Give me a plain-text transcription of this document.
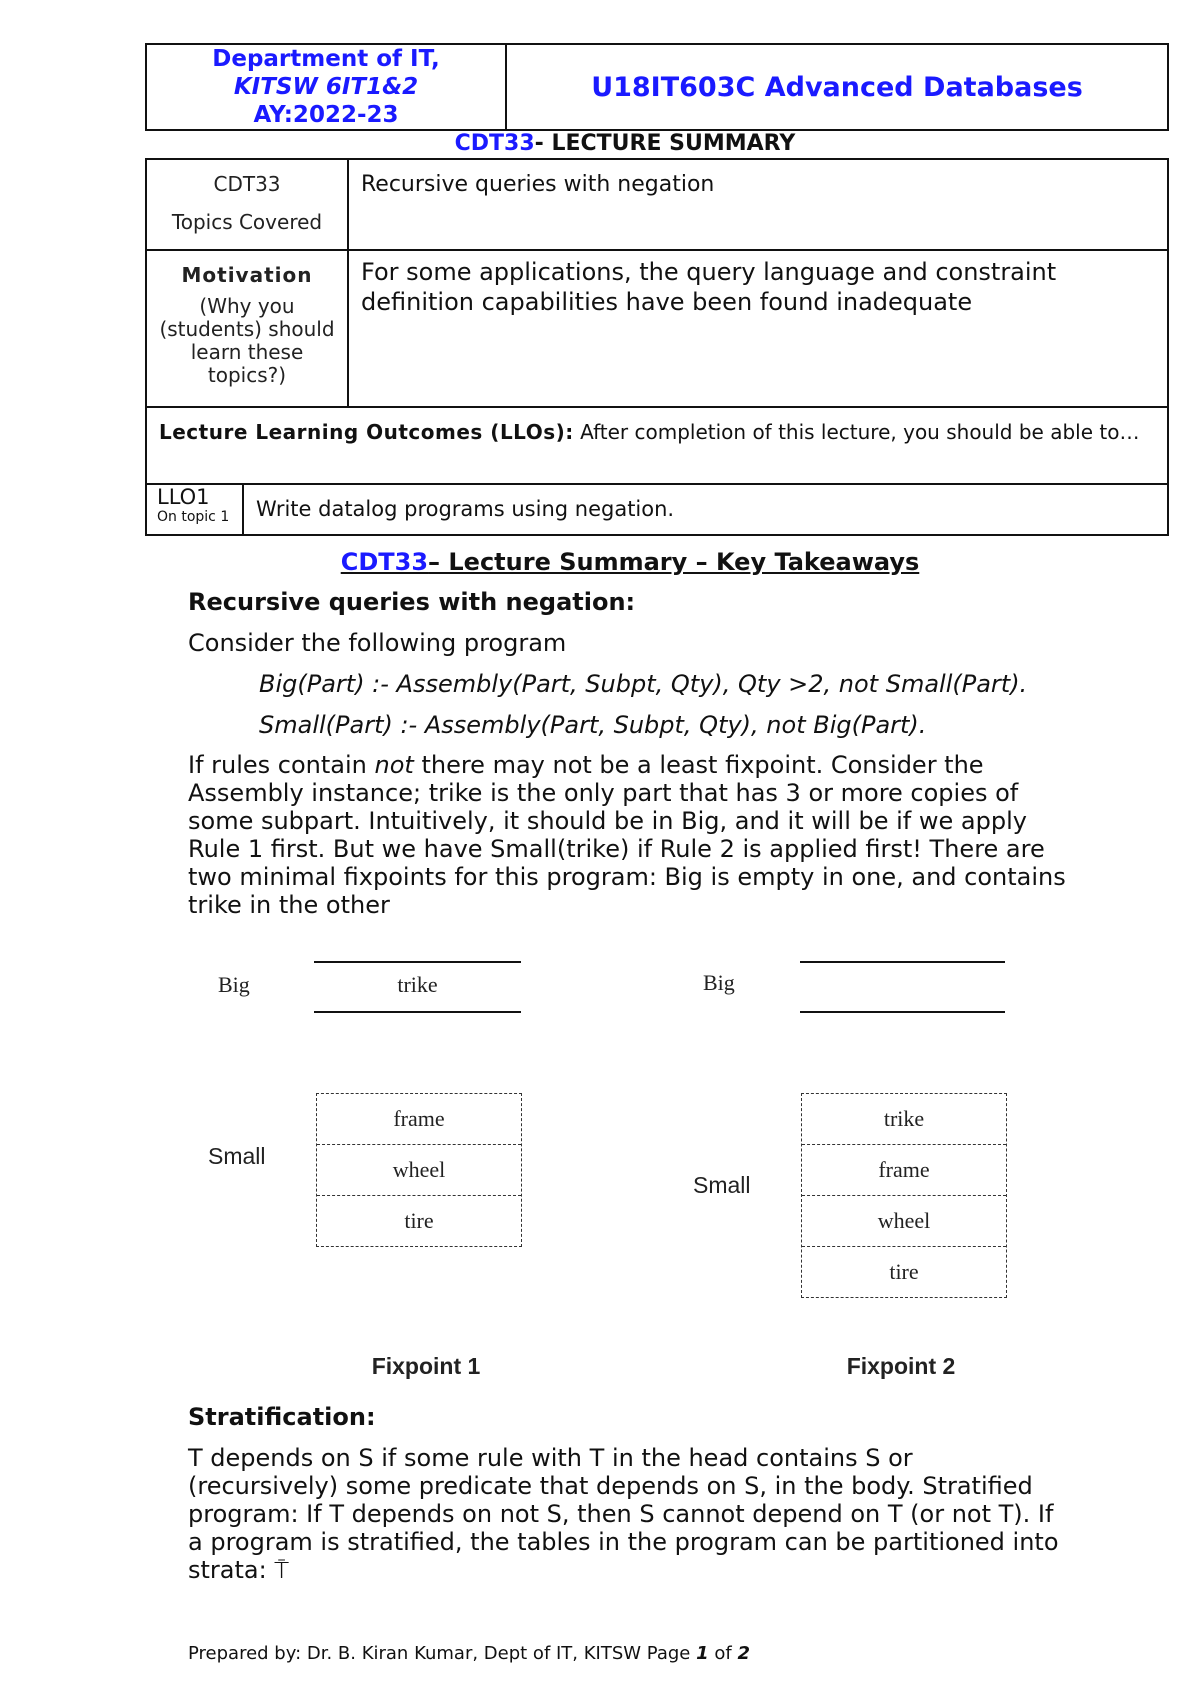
Department of IT,
KITSW 6IT1&2
AY:2022-23
	U18IT603C Advanced Databases
CDT33- LECTURE SUMMARY
CDT33
Topics Covered	Recursive queries with negation

Motivation
(Why you (students) should learn these topics?)	For some applications, the query language and constraint definition capabilities have been found inadequate
Lecture Learning Outcomes (LLOs): After completion of this lecture, you should be able to…	

LLO1
On topic 1 Write datalog programs using negation.	
CDT33– Lecture Summary – Key Takeaways
Recursive queries with negation:
Consider the following program
Big(Part) :- Assembly(Part, Subpt, Qty), Qty >2, not Small(Part).
Small(Part) :- Assembly(Part, Subpt, Qty), not Big(Part).
If rules contain not there may not be a least fixpoint. Consider the Assembly instance; trike is the only part that has 3 or more copies of some subpart. Intuitively, it should be in Big, and it will be if we apply Rule 1 first. But we have Small(trike) if Rule 2 is applied first! There are two minimal fixpoints for this program: Big is empty in one, and contains trike in the other
Big	trike
Small
frame
wheel
tire
Fixpoint 1
Big
Small
trike
frame
wheel
tire
Fixpoint 2
Stratification:
T depends on S if some rule with T in the head contains S or (recursively) some predicate that depends on S, in the body. Stratified program: If T depends on not S, then S cannot depend on T (or not T). If a program is stratified, the tables in the program can be partitioned into strata: ⍑
Prepared by: Dr. B. Kiran Kumar, Dept of IT, KITSW Page 1 of 2
